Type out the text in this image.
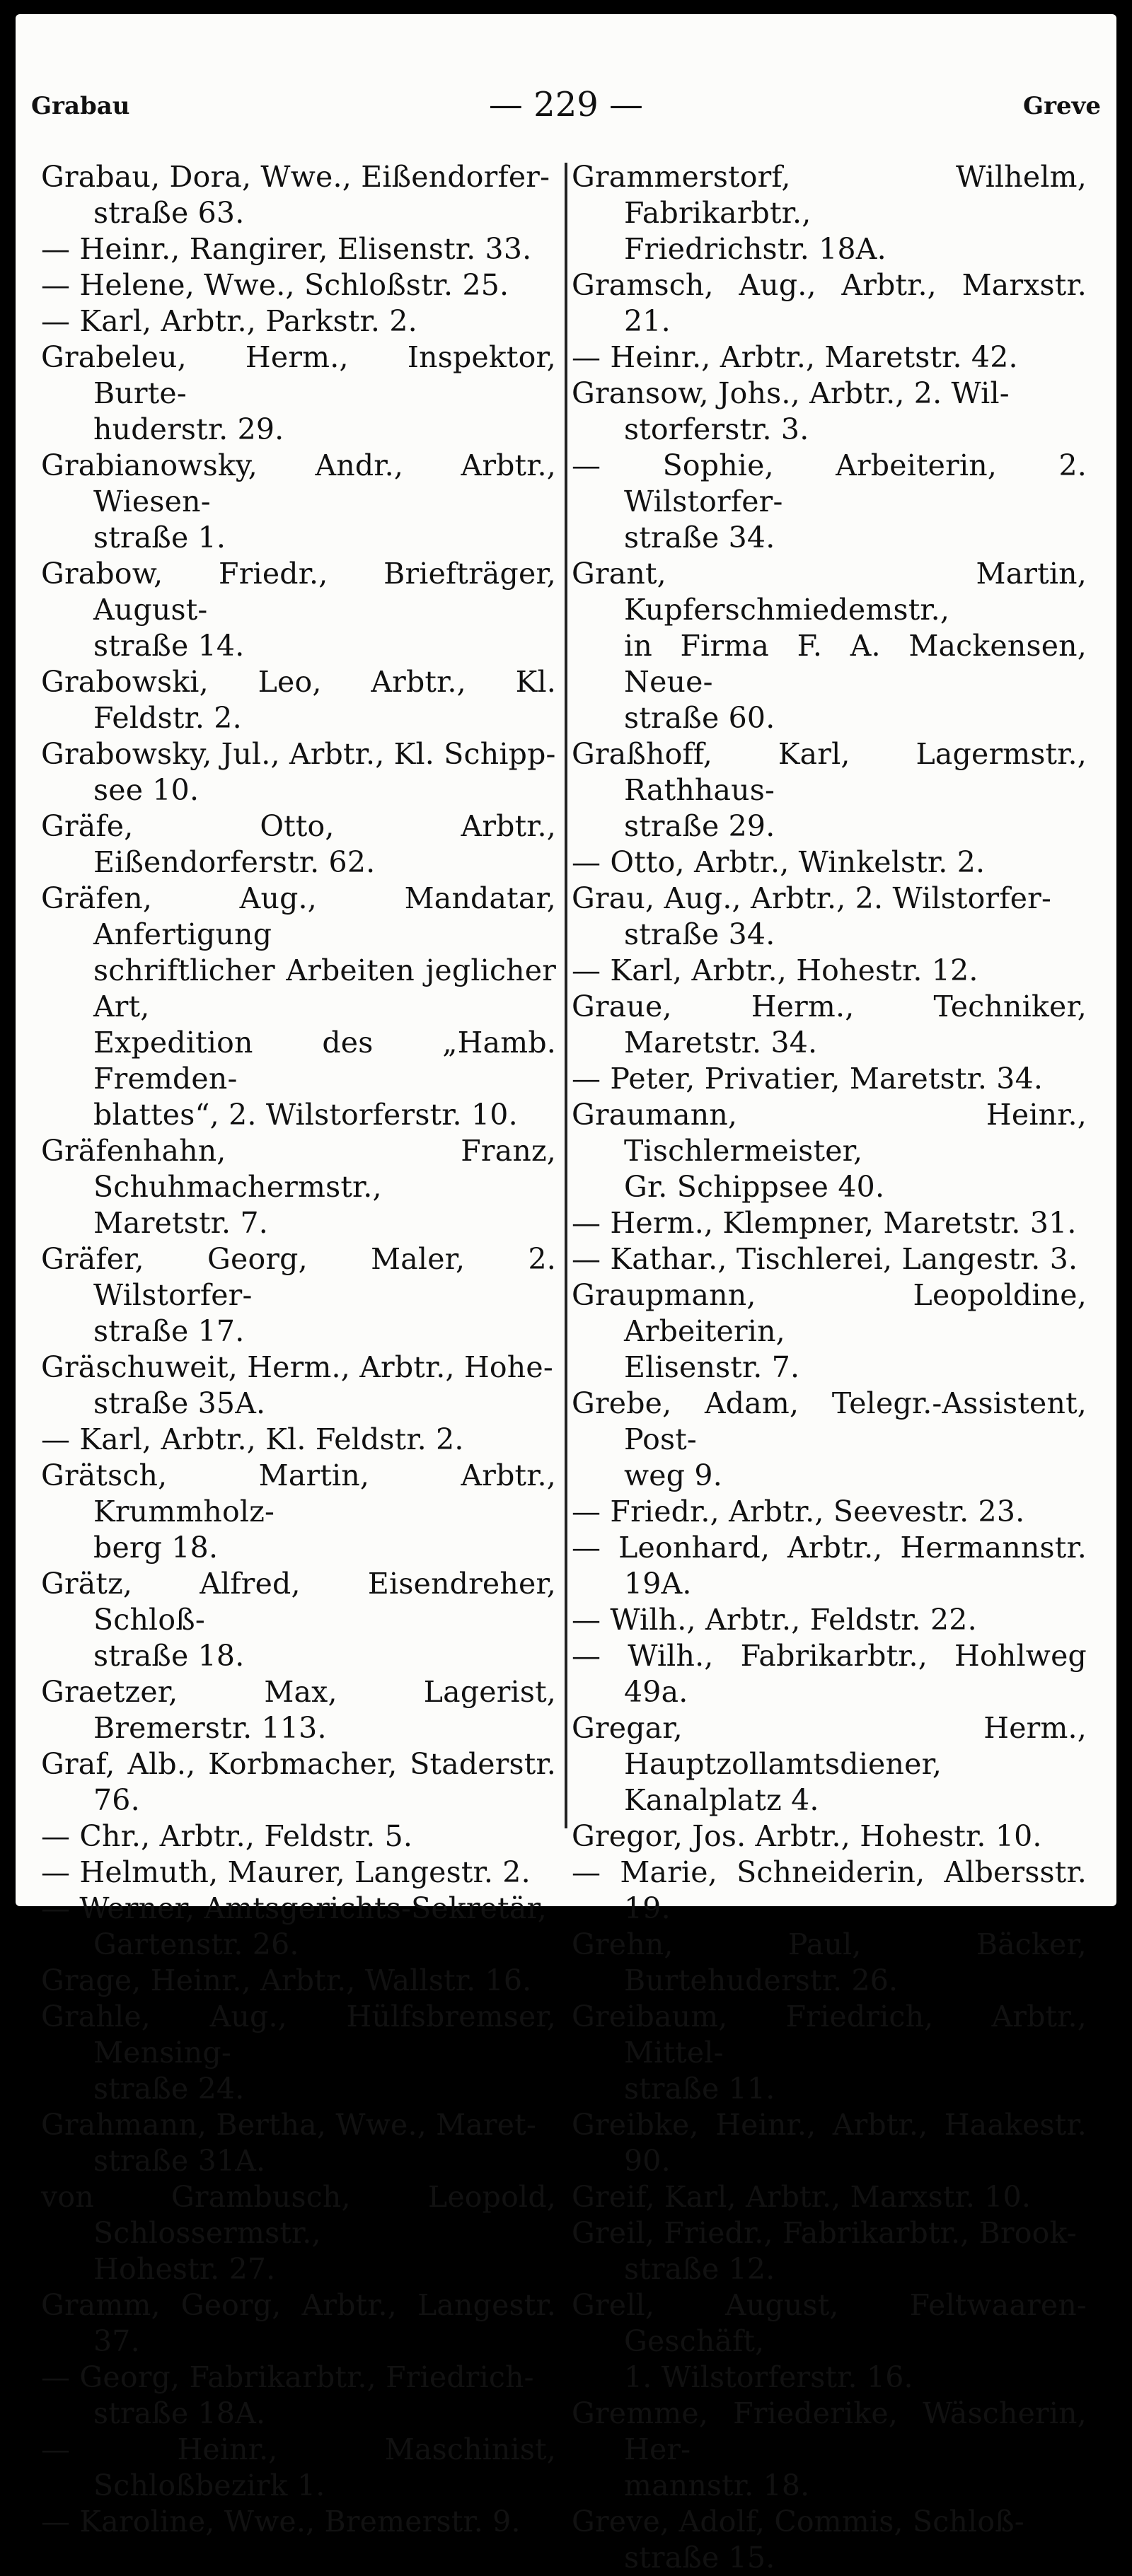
Grabau	— 229 —	Greve
Grabau, Dora, Wwe., Eißendorfer-
straße 63.
— Heinr., Rangirer, Elisenstr. 33.
— Helene, Wwe., Schloßstr. 25.
— Karl, Arbtr., Parkstr. 2.
Grabeleu, Herm., Inspektor, Burte-
huderstr. 29.
Grabianowsky, Andr., Arbtr., Wiesen-
straße 1.
Grabow, Friedr., Briefträger, August-
straße 14.
Grabowski, Leo, Arbtr., Kl. Feldstr. 2.
Grabowsky, Jul., Arbtr., Kl. Schipp-
see 10.
Gräfe, Otto, Arbtr., Eißendorferstr. 62.
Gräfen, Aug., Mandatar, Anfertigung
schriftlicher Arbeiten jeglicher Art,
Expedition des „Hamb. Fremden-
blattes“, 2. Wilstorferstr. 10.
Gräfenhahn, Franz, Schuhmachermstr.,
Maretstr. 7.
Gräfer, Georg, Maler, 2. Wilstorfer-
straße 17.
Gräschuweit, Herm., Arbtr., Hohe-
straße 35A.
— Karl, Arbtr., Kl. Feldstr. 2.
Grätsch, Martin, Arbtr., Krummholz-
berg 18.
Grätz, Alfred, Eisendreher, Schloß-
straße 18.
Graetzer, Max, Lagerist, Bremerstr. 113.
Graf, Alb., Korbmacher, Staderstr. 76.
— Chr., Arbtr., Feldstr. 5.
— Helmuth, Maurer, Langestr. 2.
— Werner, Amtsgerichts-Sekretär,
Gartenstr. 26.
Grage, Heinr., Arbtr., Wallstr. 16.
Grahle, Aug., Hülfsbremser, Mensing-
straße 24.
Grahmann, Bertha, Wwe., Maret-
straße 31A.
von Grambusch, Leopold, Schlossermstr.,
Hohestr. 27.
Gramm, Georg, Arbtr., Langestr. 37.
— Georg, Fabrikarbtr., Friedrich-
straße 18A.
— Heinr., Maschinist, Schloßbezirk 1.
— Karoline, Wwe., Bremerstr. 9.
Grammerstorf, Wilhelm, Fabrikarbtr.,
Friedrichstr. 18A.
Gramsch, Aug., Arbtr., Marxstr. 21.
— Heinr., Arbtr., Maretstr. 42.
Gransow, Johs., Arbtr., 2. Wil-
storferstr. 3.
— Sophie, Arbeiterin, 2. Wilstorfer-
straße 34.
Grant, Martin, Kupferschmiedemstr.,
in Firma F. A. Mackensen, Neue-
straße 60.
Graßhoff, Karl, Lagermstr., Rathhaus-
straße 29.
— Otto, Arbtr., Winkelstr. 2.
Grau, Aug., Arbtr., 2. Wilstorfer-
straße 34.
— Karl, Arbtr., Hohestr. 12.
Graue, Herm., Techniker, Maretstr. 34.
— Peter, Privatier, Maretstr. 34.
Graumann, Heinr., Tischlermeister,
Gr. Schippsee 40.
— Herm., Klempner, Maretstr. 31.
— Kathar., Tischlerei, Langestr. 3.
Graupmann, Leopoldine, Arbeiterin,
Elisenstr. 7.
Grebe, Adam, Telegr.-Assistent, Post-
weg 9.
— Friedr., Arbtr., Seevestr. 23.
— Leonhard, Arbtr., Hermannstr. 19A.
— Wilh., Arbtr., Feldstr. 22.
— Wilh., Fabrikarbtr., Hohlweg 49a.
Gregar, Herm., Hauptzollamtsdiener,
Kanalplatz 4.
Gregor, Jos. Arbtr., Hohestr. 10.
— Marie, Schneiderin, Albersstr. 19.
Grehn, Paul, Bäcker, Burtehuderstr. 26.
Greibaum, Friedrich, Arbtr., Mittel-
straße 11.
Greibke, Heinr., Arbtr., Haakestr. 90.
Greif, Karl, Arbtr., Marxstr. 10.
Greil, Friedr., Fabrikarbtr., Brook-
straße 12.
Grell, August, Feltwaaren-Geschäft,
1. Wilstorferstr. 16.
Gremme, Friederike, Wäscherin, Her-
mannstr. 18.
Greve, Adolf, Commis, Schloß-
straße 15.
